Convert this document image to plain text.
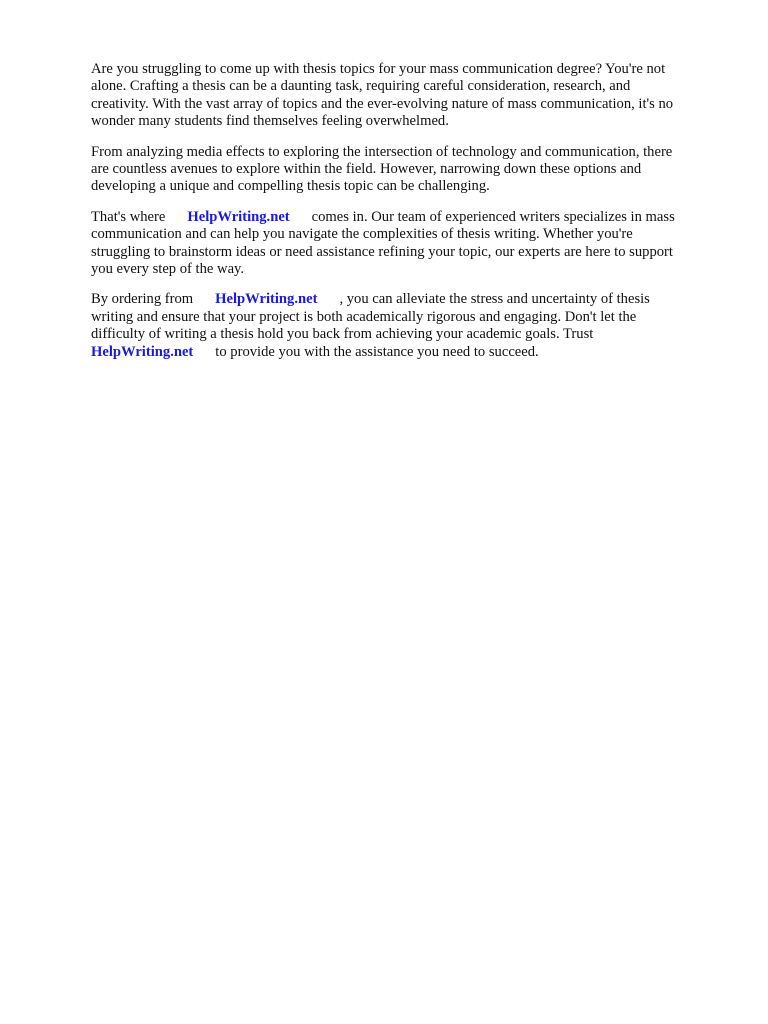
Are you struggling to come up with thesis topics for your mass communication degree? You're not
alone. Crafting a thesis can be a daunting task, requiring careful consideration, research, and
creativity. With the vast array of topics and the ever-evolving nature of mass communication, it's no
wonder many students find themselves feeling overwhelmed.

From analyzing media effects to exploring the intersection of technology and communication, there
are countless avenues to explore within the field. However, narrowing down these options and
developing a unique and compelling thesis topic can be challenging.

That's where HelpWriting.net comes in. Our team of experienced writers specializes in mass
communication and can help you navigate the complexities of thesis writing. Whether you're
struggling to brainstorm ideas or need assistance refining your topic, our experts are here to support
you every step of the way.

By ordering from HelpWriting.net , you can alleviate the stress and uncertainty of thesis
writing and ensure that your project is both academically rigorous and engaging. Don't let the
difficulty of writing a thesis hold you back from achieving your academic goals. Trust
HelpWriting.net to provide you with the assistance you need to succeed.
